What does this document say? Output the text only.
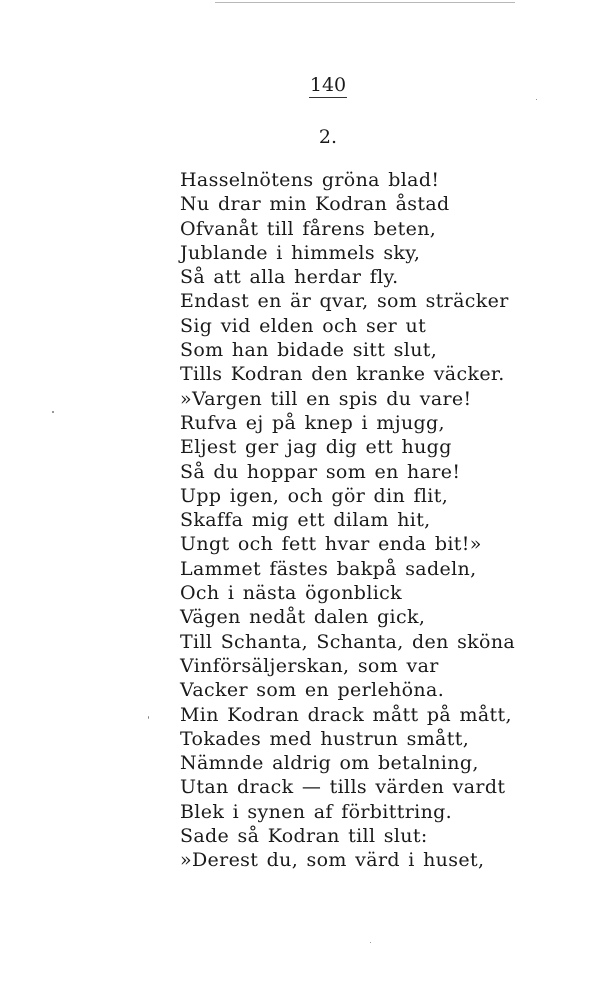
140
2.
Hasselnötens gröna blad!
Nu drar min Kodran åstad
Ofvanåt till fårens beten,
Jublande i himmels sky,
Så att alla herdar fly.
Endast en är qvar, som sträcker
Sig vid elden och ser ut
Som han bidade sitt slut,
Tills Kodran den kranke väcker.
»Vargen till en spis du vare!
Rufva ej på knep i mjugg,
Eljest ger jag dig ett hugg
Så du hoppar som en hare!
Upp igen, och gör din flit,
Skaffa mig ett dilam hit,
Ungt och fett hvar enda bit!»
Lammet fästes bakpå sadeln,
Och i nästa ögonblick
Vägen nedåt dalen gick,
Till Schanta, Schanta, den sköna
Vinförsäljerskan, som var
Vacker som en perlehöna.
Min Kodran drack mått på mått,
Tokades med hustrun smått,
Nämnde aldrig om betalning,
Utan drack — tills värden vardt
Blek i synen af förbittring.
Sade så Kodran till slut:
»Derest du, som värd i huset,
